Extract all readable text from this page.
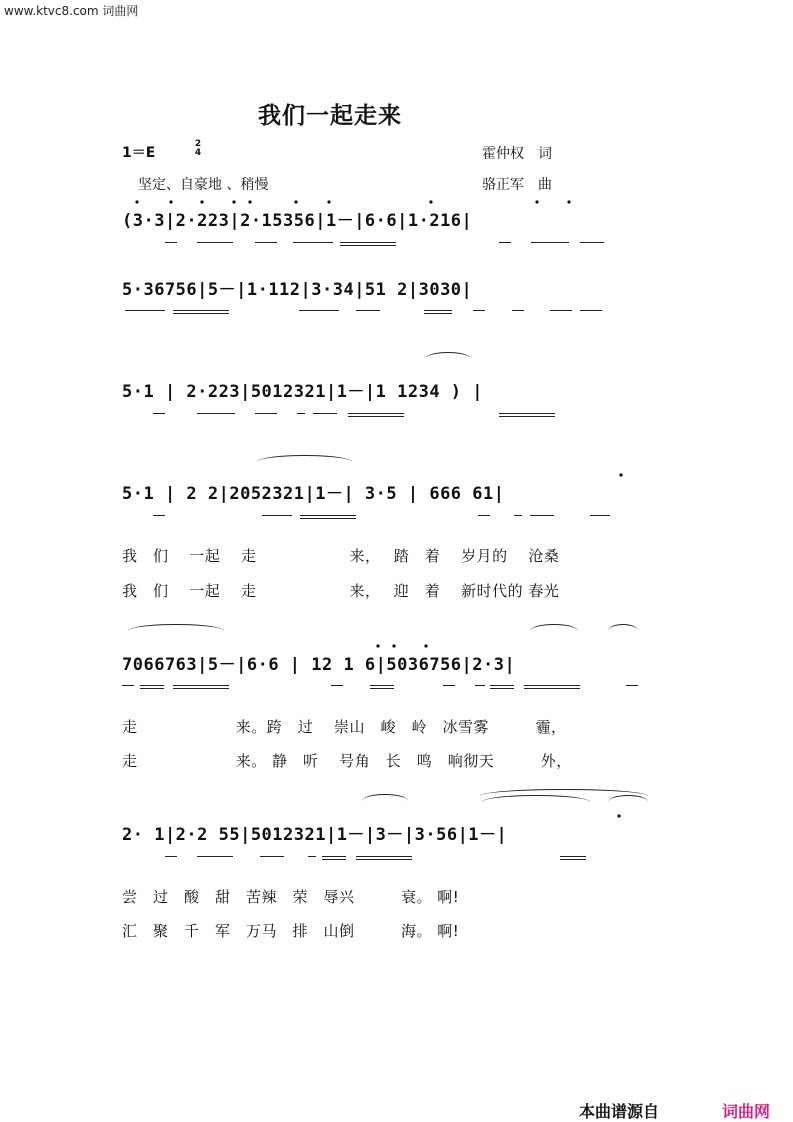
www.ktvc8.com 词曲网
我们一起走来
1＝E
2
4	霍仲权　词
坚定、自豪地 、稍慢	骆正军　曲
(3·3|2·223|2·15356|1－|6·6|1·216|
5·36756|5－|1·112|3·34|51 2|3030|
5·1 | 2·223|5012321|1－|1 1234 ) |
5·1 | 2 2|2052321|1－| 3·5 | 666 61|
7066763|5－|6·6 | 12 1 6|5036756|2·3|
2· 1|2·2 55|5012321|1－|3－|3·56|1－|
我　们　 一起　 走　　　　　　来，　 踏　着　 岁月的　 沧桑
我　们　 一起　 走　　　　　　来，　 迎　着　 新时代的 春光
走　　　　　　 来。跨　过　 崇山　峻　岭　冰雪雾　　　霾，
走　　　　　　 来。 静　听　 号角　长　鸣　响彻天　　　外，
尝　过　酸　甜　苦辣　荣　辱兴　　　衰。 啊!
汇　聚　千　军　万马　排　山倒　　　海。 啊!
本曲谱源自	词曲网
